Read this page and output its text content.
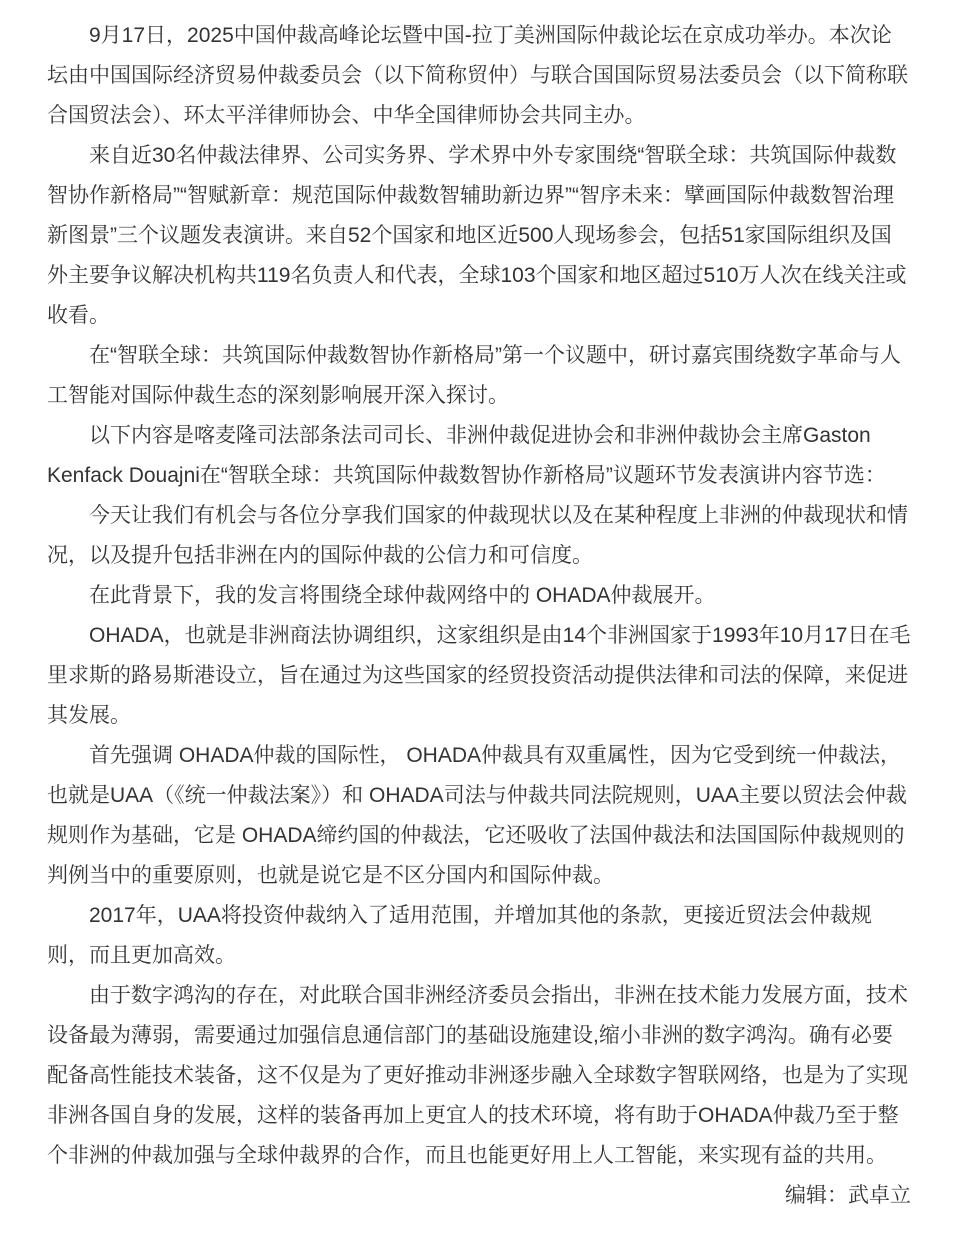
9月17日，2025中国仲裁高峰论坛暨中国-拉丁美洲国际仲裁论坛在京成功举办。本次论坛由中国国际经济贸易仲裁委员会（以下简称贸仲）与联合国国际贸易法委员会（以下简称联合国贸法会）、环太平洋律师协会、中华全国律师协会共同主办。

来自近30名仲裁法律界、公司实务界、学术界中外专家围绕“智联全球：共筑国际仲裁数智协作新格局”“智赋新章：规范国际仲裁数智辅助新边界”“智序未来：擘画国际仲裁数智治理新图景”三个议题发表演讲。来自52个国家和地区近500人现场参会，包括51家国际组织及国外主要争议解决机构共119名负责人和代表，全球103个国家和地区超过510万人次在线关注或收看。

在“智联全球：共筑国际仲裁数智协作新格局”第一个议题中，研讨嘉宾围绕数字革命与人工智能对国际仲裁生态的深刻影响展开深入探讨。

以下内容是喀麦隆司法部条法司司长、非洲仲裁促进协会和非洲仲裁协会主席Gaston Kenfack Douajni在“智联全球：共筑国际仲裁数智协作新格局”议题环节发表演讲内容节选：

今天让我们有机会与各位分享我们国家的仲裁现状以及在某种程度上非洲的仲裁现状和情况，以及提升包括非洲在内的国际仲裁的公信力和可信度。

在此背景下，我的发言将围绕全球仲裁网络中的 OHADA仲裁展开。

OHADA，也就是非洲商法协调组织，这家组织是由14个非洲国家于1993年10月17日在毛里求斯的路易斯港设立，旨在通过为这些国家的经贸投资活动提供法律和司法的保障，来促进其发展。

首先强调 OHADA仲裁的国际性， OHADA仲裁具有双重属性，因为它受到统一仲裁法，也就是UAA（《统一仲裁法案》）和 OHADA司法与仲裁共同法院规则，UAA主要以贸法会仲裁规则作为基础，它是 OHADA缔约国的仲裁法，它还吸收了法国仲裁法和法国国际仲裁规则的判例当中的重要原则，也就是说它是不区分国内和国际仲裁。

2017年，UAA将投资仲裁纳入了适用范围，并增加其他的条款，更接近贸法会仲裁规则，而且更加高效。

由于数字鸿沟的存在，对此联合国非洲经济委员会指出，非洲在技术能力发展方面，技术设备最为薄弱，需要通过加强信息通信部门的基础设施建设,缩小非洲的数字鸿沟。确有必要配备高性能技术装备，这不仅是为了更好推动非洲逐步融入全球数字智联网络，也是为了实现非洲各国自身的发展，这样的装备再加上更宜人的技术环境，将有助于OHADA仲裁乃至于整个非洲的仲裁加强与全球仲裁界的合作，而且也能更好用上人工智能，来实现有益的共用。

编辑：武卓立
